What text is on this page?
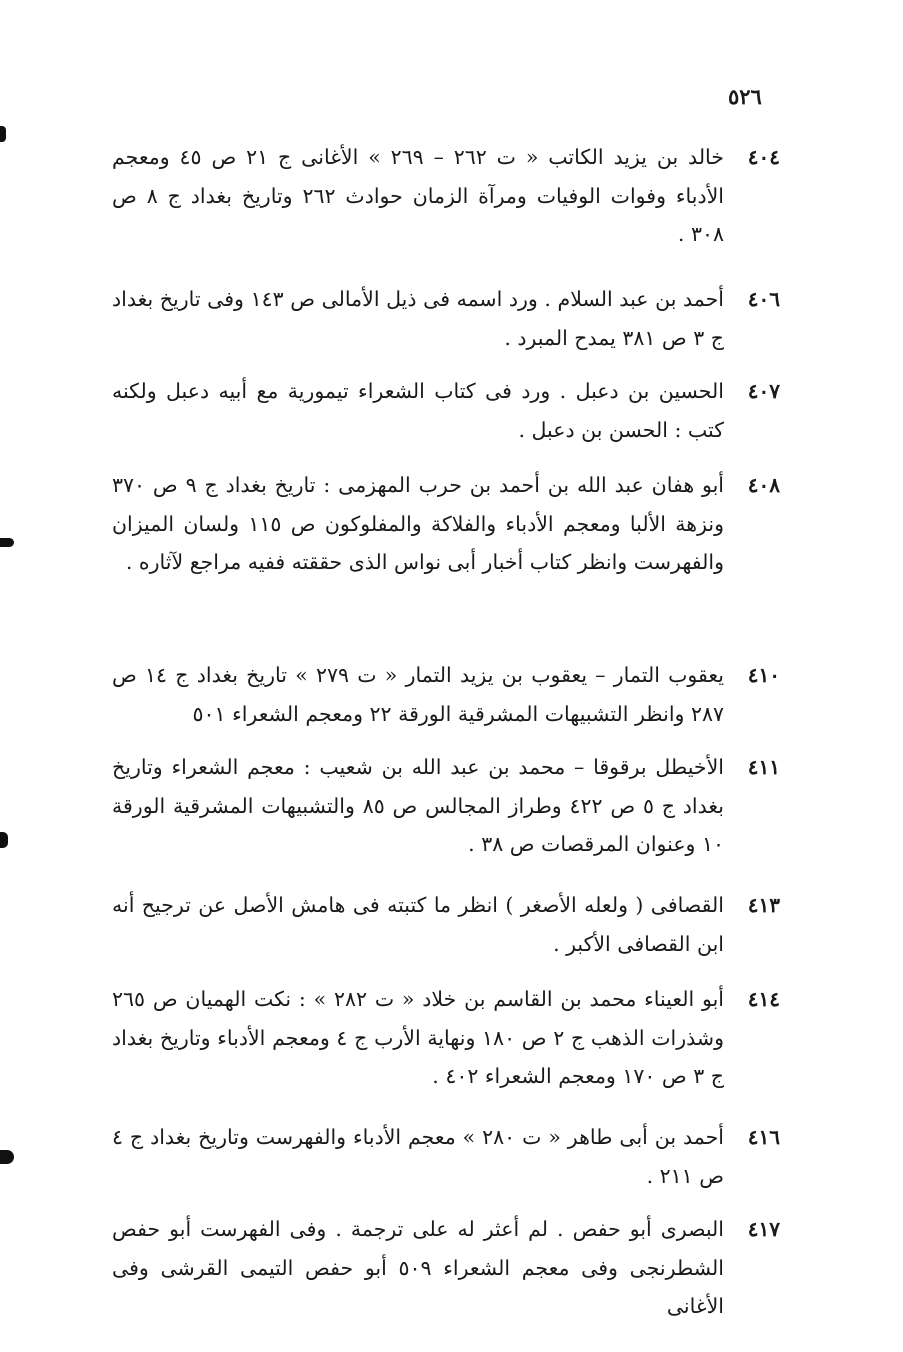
٥٢٦
٤٠٤
خالد بن يزيد الكاتب « ت ٢٦٢ – ٢٦٩ » الأغانى ج ٢١ ص ٤٥ ومعجم الأدباء وفوات الوفيات ومرآة الزمان حوادث ٢٦٢ وتاريخ بغداد ج ٨ ص ٣٠٨ .
٤٠٦
أحمد بن عبد السلام . ورد اسمه فى ذيل الأمالى ص ١٤٣ وفى تاريخ بغداد ج ٣ ص ٣٨١ يمدح المبرد .
٤٠٧
الحسين بن دعبل . ورد فى كتاب الشعراء تيمورية مع أبيه دعبل ولكنه كتب : الحسن بن دعبل .
٤٠٨
أبو هفان عبد الله بن أحمد بن حرب المهزمى : تاريخ بغداد ج ٩ ص ٣٧٠ ونزهة الألبا ومعجم الأدباء والفلاكة والمفلوكون ص ١١٥ ولسان الميزان والفهرست وانظر كتاب أخبار أبى نواس الذى حققته ففيه مراجع لآثاره .
٤١٠
يعقوب التمار – يعقوب بن يزيد التمار « ت ٢٧٩ » تاريخ بغداد ج ١٤ ص ٢٨٧ وانظر التشبيهات المشرقية الورقة ٢٢ ومعجم الشعراء ٥٠١
٤١١
الأخيطل برقوقا – محمد بن عبد الله بن شعيب : معجم الشعراء وتاريخ بغداد ج ٥ ص ٤٢٢ وطراز المجالس ص ٨٥ والتشبيهات المشرقية الورقة ١٠ وعنوان المرقصات ص ٣٨ .
٤١٣
القصافى ( ولعله الأصغر ) انظر ما كتبته فى هامش الأصل عن ترجيح أنه ابن القصافى الأكبر .
٤١٤
أبو العيناء محمد بن القاسم بن خلاد « ت ٢٨٢ » : نكت الهميان ص ٢٦٥ وشذرات الذهب ج ٢ ص ١٨٠ ونهاية الأرب ج ٤ ومعجم الأدباء وتاريخ بغداد ج ٣ ص ١٧٠ ومعجم الشعراء ٤٠٢ .
٤١٦
أحمد بن أبى طاهر « ت ٢٨٠ » معجم الأدباء والفهرست وتاريخ بغداد ج ٤ ص ٢١١ .
٤١٧
البصرى أبو حفص . لم أعثر له على ترجمة . وفى الفهرست أبو حفص الشطرنجى وفى معجم الشعراء ٥٠٩ أبو حفص التيمى القرشى وفى الأغانى
